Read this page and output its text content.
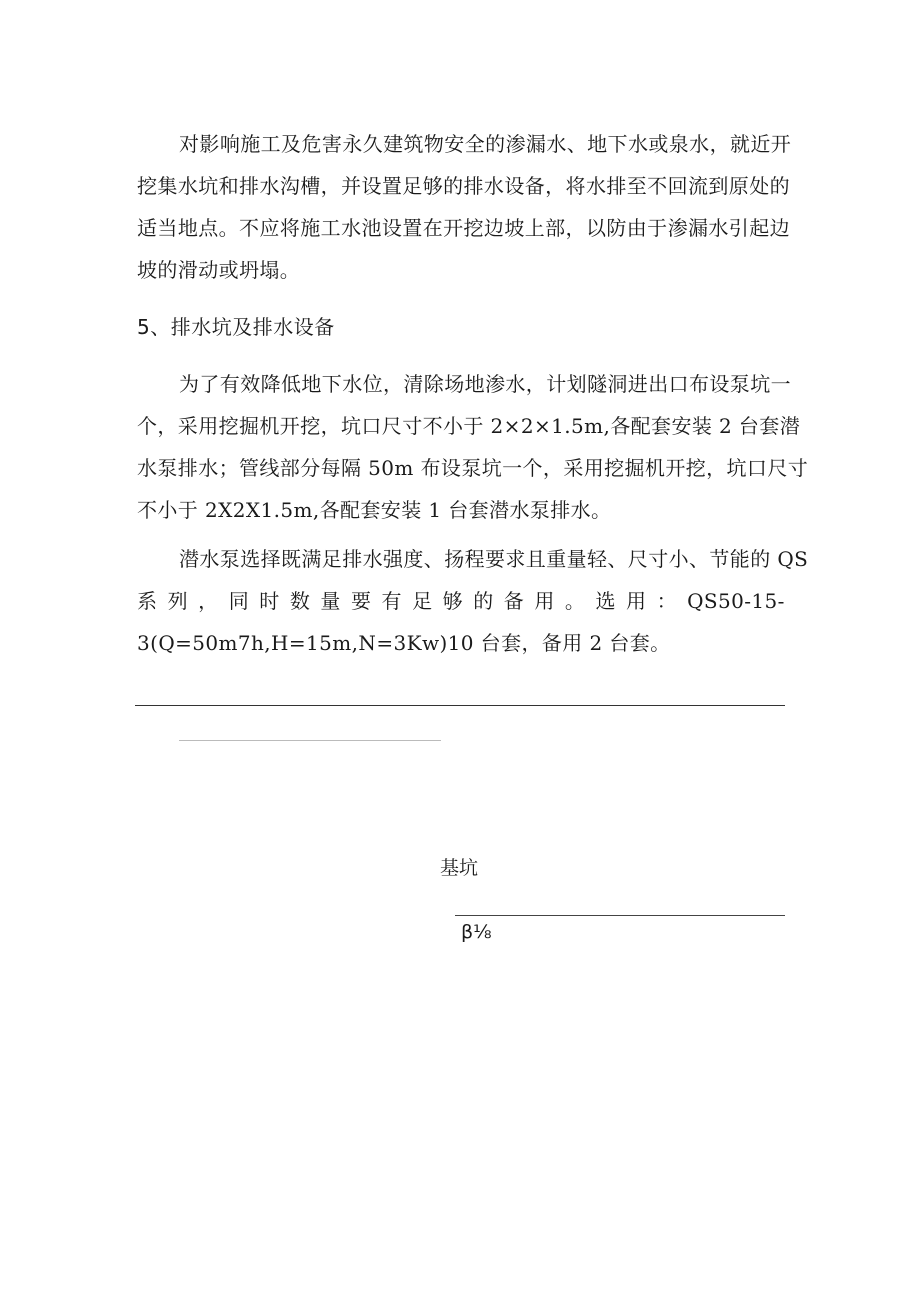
对 影 响 施 工 及 危 害 永 久 建 筑 物 安 全 的 渗 漏 水 、 地 下 水 或 泉 水 ， 就 近 开
挖 集 水 坑 和 排 水 沟 槽 ， 并 设 置 足 够 的 排 水 设 备 ， 将 水 排 至 不 回 流 到 原 处 的
适 当 地 点 。 不 应 将 施 工 水 池 设 置 在 开 挖 边 坡 上 部 ， 以 防 由 于 渗 漏 水 引 起 边
坡的滑动或坍塌。
5、排水坑及排水设备
为了有效降低地下水位，清除场地渗水，计划隧洞进出口布设泵坑一
个，采用挖掘机开挖，坑口尺寸不小于 2×2×1.5m,各配套安装 2 台套潜
水泵排水；管线部分每隔 50m 布设泵坑一个，采用挖掘机开挖，坑口尺寸
不小于 2X2X1.5m,各配套安装 1 台套潜水泵排水。
潜水泵选择既满足排水强度、扬程要求且重量轻、尺寸小、节能的 QS
系 列 ， 同 时 数 量 要 有 足 够 的 备 用 。 选 用 ： QS50-15-
3(Q=50m7h,H=15m,N=3Kw)10 台套，备用 2 台套。
基坑
β⅛
